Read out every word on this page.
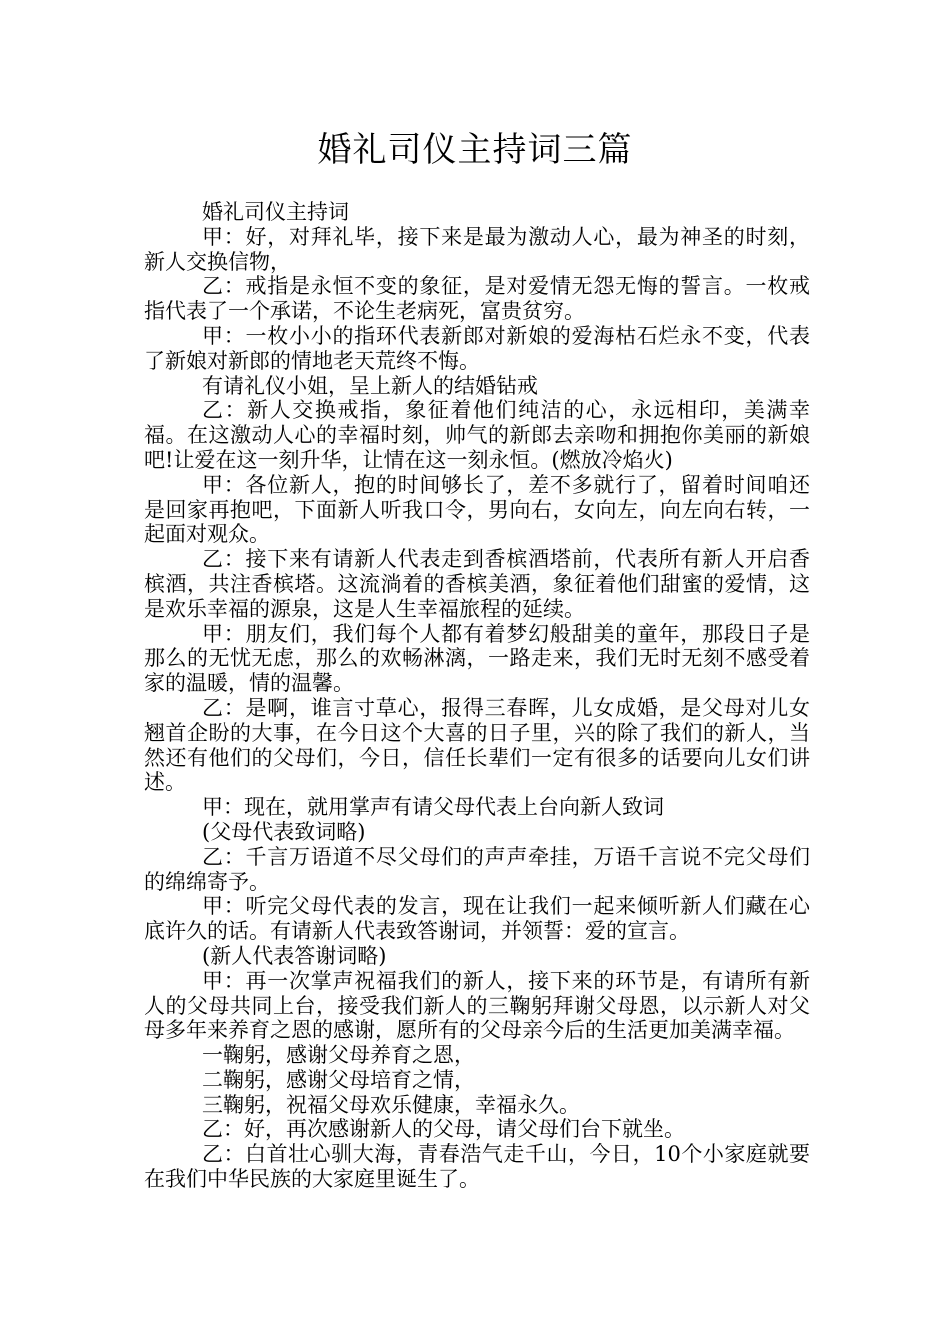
婚礼司仪主持词三篇

婚礼司仪主持词

甲：好，对拜礼毕，接下来是最为激动人心，最为神圣的时刻，新人交换信物，

乙：戒指是永恒不变的象征，是对爱情无怨无悔的誓言。一枚戒指代表了一个承诺，不论生老病死，富贵贫穷。

甲：一枚小小的指环代表新郎对新娘的爱海枯石烂永不变，代表了新娘对新郎的情地老天荒终不悔。

有请礼仪小姐，呈上新人的结婚钻戒

乙：新人交换戒指，象征着他们纯洁的心，永远相印，美满幸福。在这激动人心的幸福时刻，帅气的新郎去亲吻和拥抱你美丽的新娘吧!让爱在这一刻升华，让情在这一刻永恒。(燃放冷焰火)

甲：各位新人，抱的时间够长了，差不多就行了，留着时间咱还是回家再抱吧，下面新人听我口令，男向右，女向左，向左向右转，一起面对观众。

乙：接下来有请新人代表走到香槟酒塔前，代表所有新人开启香槟酒，共注香槟塔。这流淌着的香槟美酒，象征着他们甜蜜的爱情，这是欢乐幸福的源泉，这是人生幸福旅程的延续。

甲：朋友们，我们每个人都有着梦幻般甜美的童年，那段日子是那么的无忧无虑，那么的欢畅淋漓，一路走来，我们无时无刻不感受着家的温暖，情的温馨。

乙：是啊，谁言寸草心，报得三春晖，儿女成婚，是父母对儿女翘首企盼的大事，在今日这个大喜的日子里，兴的除了我们的新人，当然还有他们的父母们，今日，信任长辈们一定有很多的话要向儿女们讲述。

甲：现在，就用掌声有请父母代表上台向新人致词

(父母代表致词略)

乙：千言万语道不尽父母们的声声牵挂，万语千言说不完父母们的绵绵寄予。

甲：听完父母代表的发言，现在让我们一起来倾听新人们藏在心底许久的话。有请新人代表致答谢词，并领誓：爱的宣言。

(新人代表答谢词略)

甲：再一次掌声祝福我们的新人，接下来的环节是，有请所有新人的父母共同上台，接受我们新人的三鞠躬拜谢父母恩，以示新人对父母多年来养育之恩的感谢，愿所有的父母亲今后的生活更加美满幸福。

一鞠躬，感谢父母养育之恩，

二鞠躬，感谢父母培育之情，

三鞠躬，祝福父母欢乐健康，幸福永久。

乙：好，再次感谢新人的父母，请父母们台下就坐。

乙：白首壮心驯大海，青春浩气走千山，今日，10个小家庭就要在我们中华民族的大家庭里诞生了。
